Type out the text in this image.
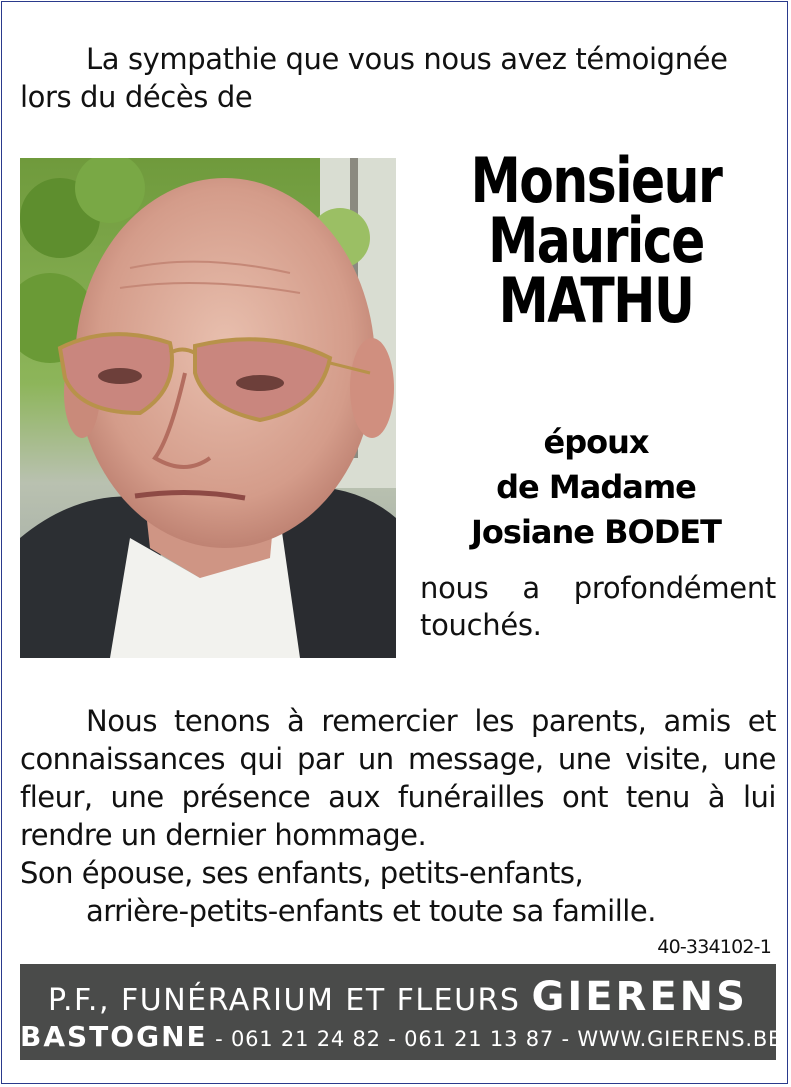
La sympathie que vous nous avez témoignée
lors du décès de

Monsieur
Maurice
MATHU
époux
de Madame
Josiane BODET
nous a profondément touchés.
Nous tenons à remercier les parents, amis et connaissances qui par un message, une visite, une fleur, une présence aux funérailles ont tenu à lui rendre un dernier hommage.
Son épouse, ses enfants, petits-enfants,
arrière-petits-enfants et toute sa famille.
40-334102-1
P.F., FUNÉRARIUM ET FLEURS GIERENS
BASTOGNE - 061 21 24 82 - 061 21 13 87 - WWW.GIERENS.BE
